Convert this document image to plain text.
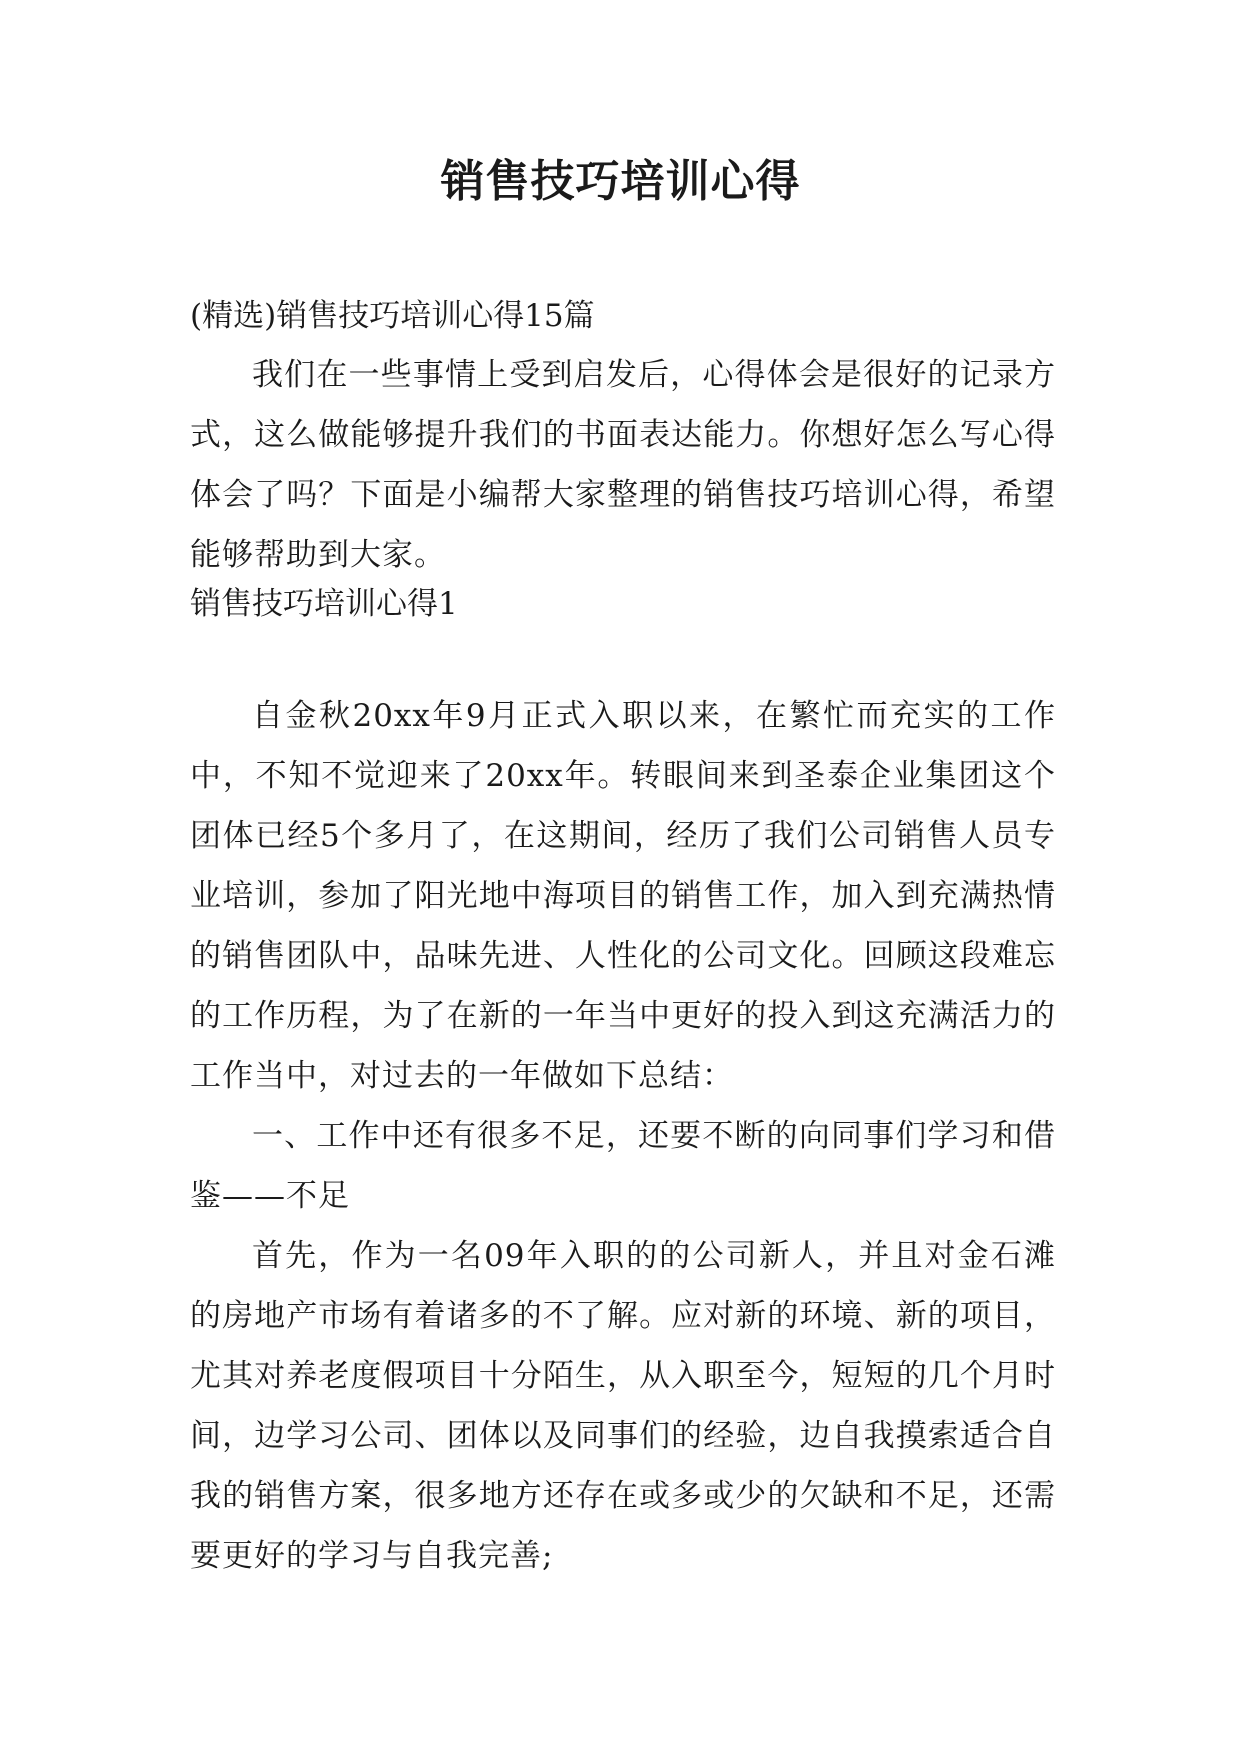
销售技巧培训心得

(精选)销售技巧培训心得15篇

我们在一些事情上受到启发后，心得体会是很好的记录方式，这么做能够提升我们的书面表达能力。你想好怎么写心得体会了吗？下面是小编帮大家整理的销售技巧培训心得，希望能够帮助到大家。

销售技巧培训心得1

自金秋20xx年9月正式入职以来，在繁忙而充实的工作中，不知不觉迎来了20xx年。转眼间来到圣泰企业集团这个团体已经5个多月了，在这期间，经历了我们公司销售人员专业培训，参加了阳光地中海项目的销售工作，加入到充满热情的销售团队中，品味先进、人性化的公司文化。回顾这段难忘的工作历程，为了在新的一年当中更好的投入到这充满活力的工作当中，对过去的一年做如下总结：

一、工作中还有很多不足，还要不断的向同事们学习和借鉴——不足

首先，作为一名09年入职的的公司新人，并且对金石滩的房地产市场有着诸多的不了解。应对新的环境、新的项目，尤其对养老度假项目十分陌生，从入职至今，短短的几个月时间，边学习公司、团体以及同事们的经验，边自我摸索适合自我的销售方案，很多地方还存在或多或少的欠缺和不足，还需要更好的学习与自我完善;
